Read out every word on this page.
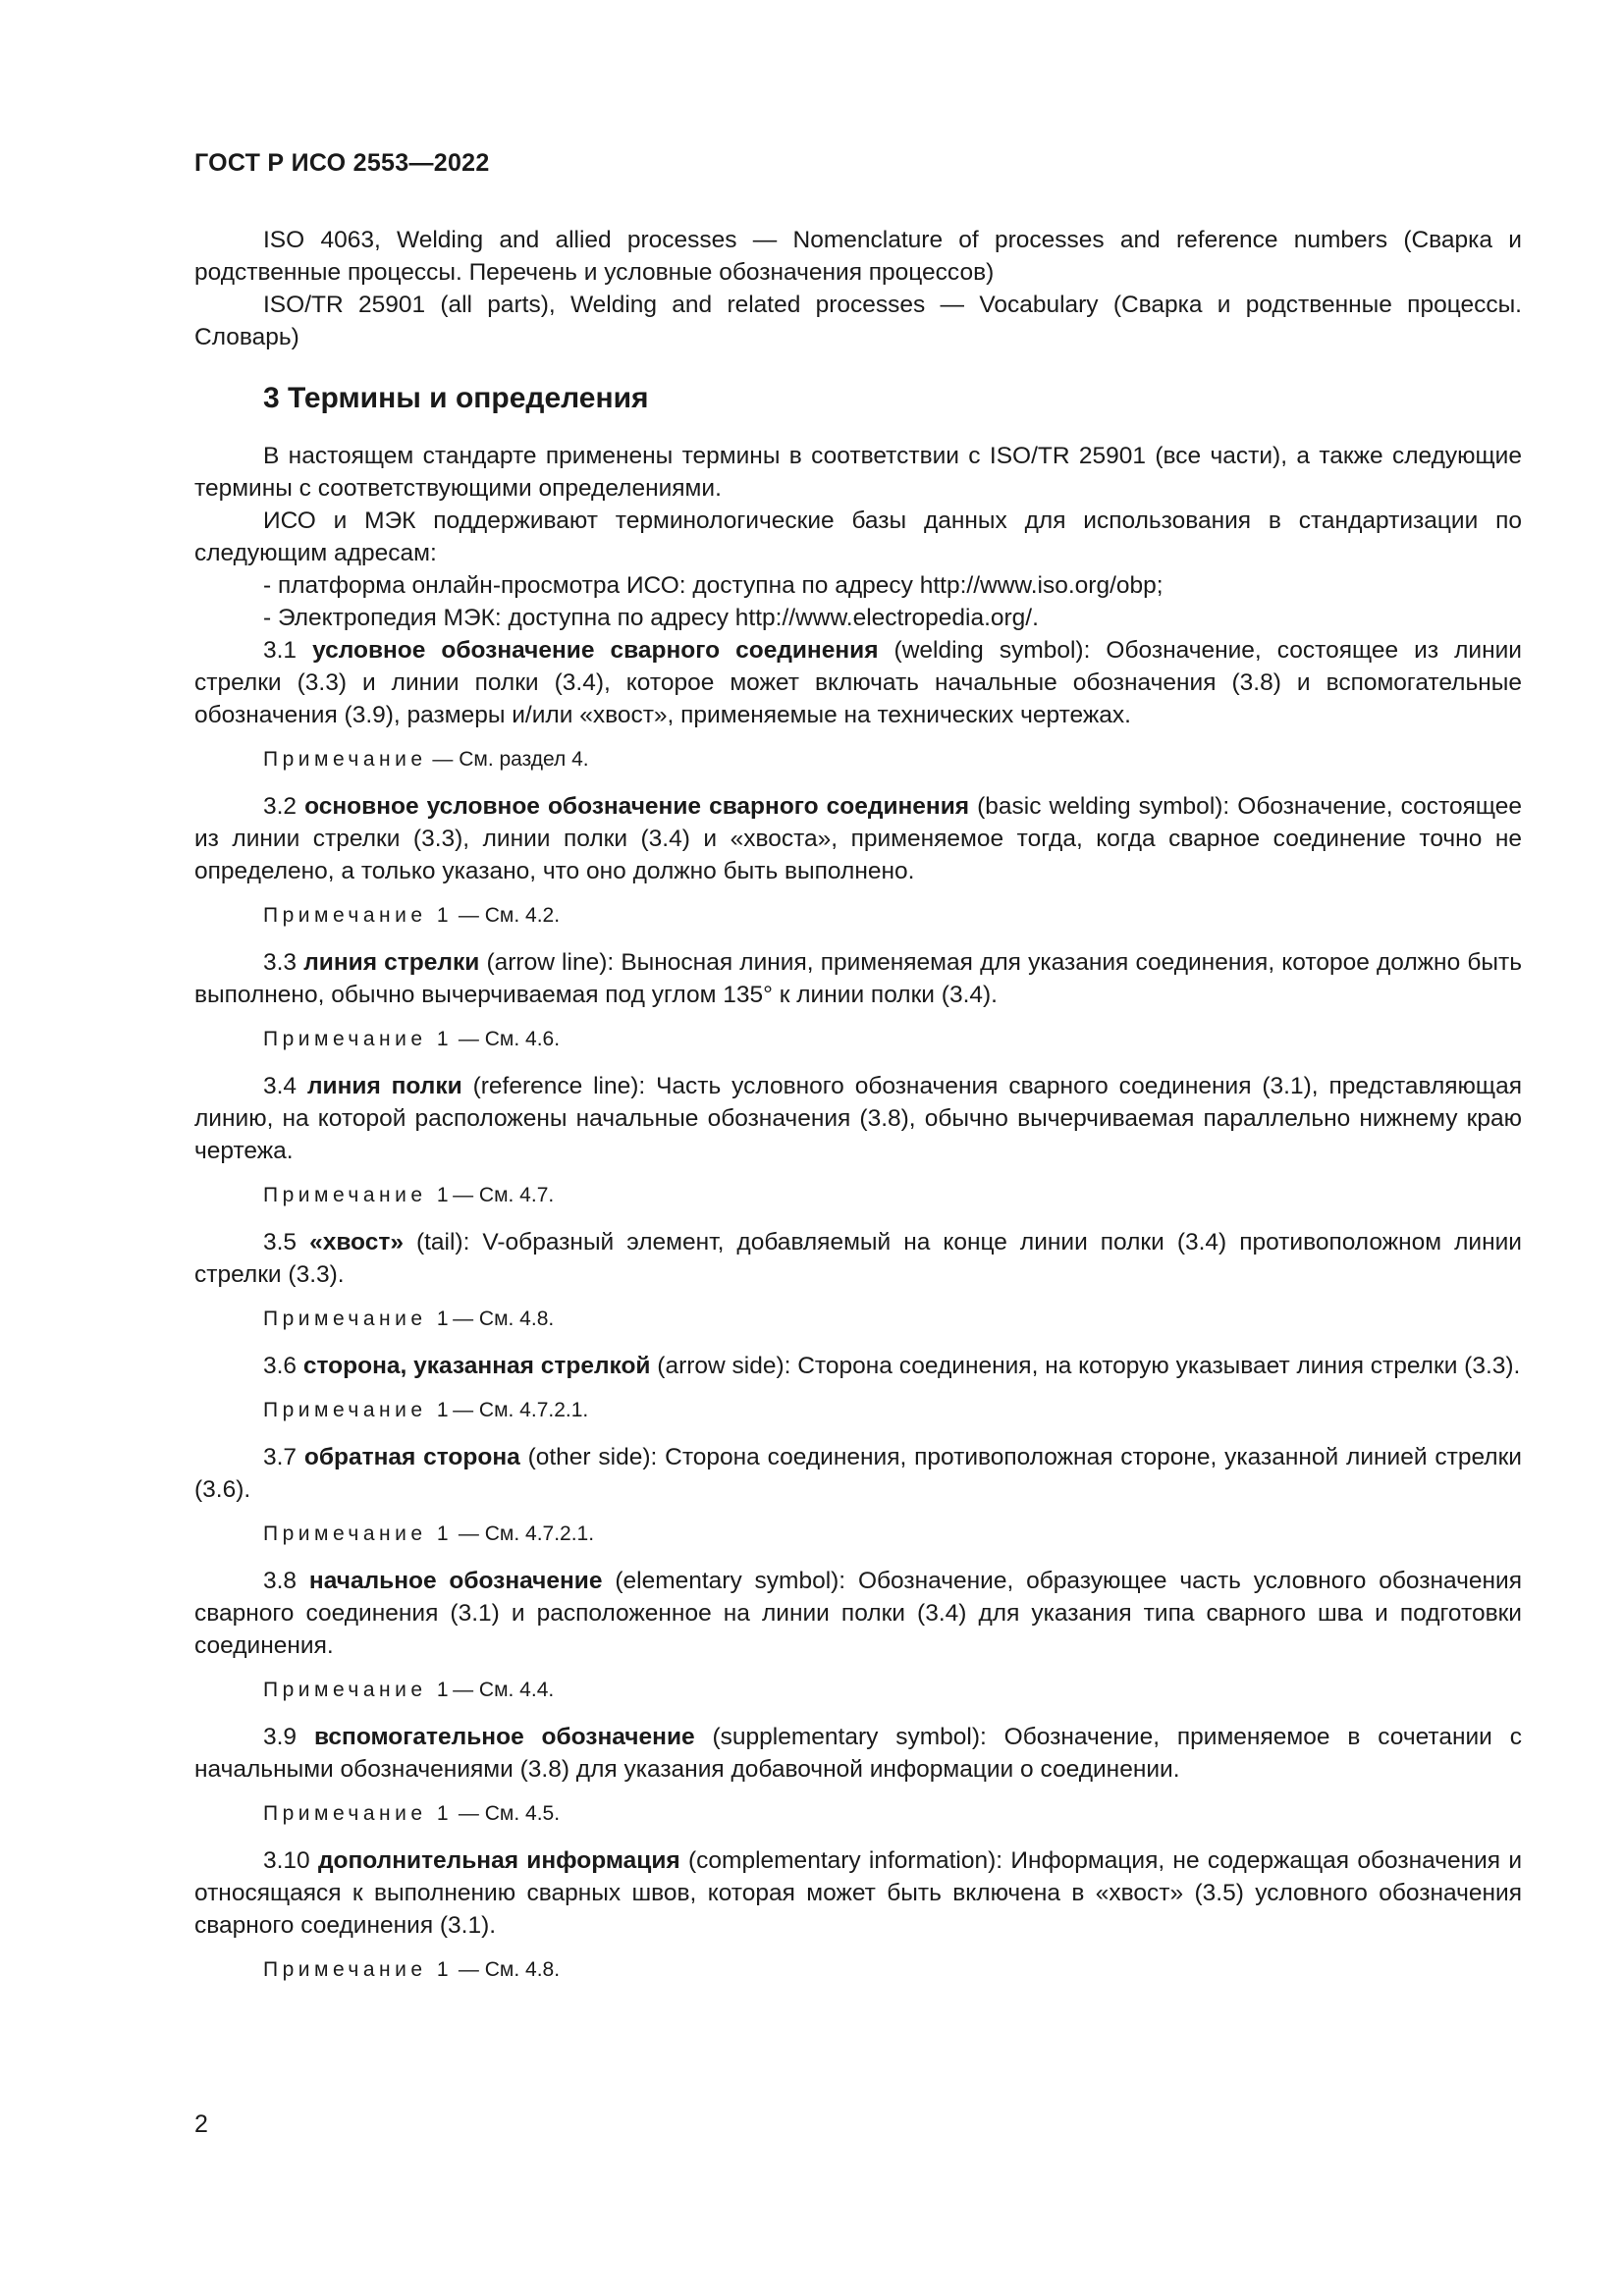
ГОСТ Р ИСО 2553—2022

ISO 4063, Welding and allied processes — Nomenclature of processes and reference numbers (Сварка и родственные процессы. Перечень и условные обозначения процессов)

ISO/TR 25901 (all parts), Welding and related processes — Vocabulary (Сварка и родственные процессы. Словарь)

3 Термины и определения

В настоящем стандарте применены термины в соответствии с ISO/TR 25901 (все части), а также следующие термины с соответствующими определениями.

ИСО и МЭК поддерживают терминологические базы данных для использования в стандартизации по следующим адресам:

- платформа онлайн-просмотра ИСО: доступна по адресу http://www.iso.org/obp;

- Электропедия МЭК: доступна по адресу http://www.electropedia.org/.

3.1 условное обозначение сварного соединения (welding symbol): Обозначение, состоящее из линии стрелки (3.3) и линии полки (3.4), которое может включать начальные обозначения (3.8) и вспомогательные обозначения (3.9), размеры и/или «хвост», применяемые на технических чертежах.

Примечание — См. раздел 4.

3.2 основное условное обозначение сварного соединения (basic welding symbol): Обозначение, состоящее из линии стрелки (3.3), линии полки (3.4) и «хвоста», применяемое тогда, когда сварное соединение точно не определено, а только указано, что оно должно быть выполнено.

Примечание 1 — См. 4.2.

3.3 линия стрелки (arrow line): Выносная линия, применяемая для указания соединения, которое должно быть выполнено, обычно вычерчиваемая под углом 135° к линии полки (3.4).

Примечание 1 — См. 4.6.

3.4 линия полки (reference line): Часть условного обозначения сварного соединения (3.1), представляющая линию, на которой расположены начальные обозначения (3.8), обычно вычерчиваемая параллельно нижнему краю чертежа.

Примечание 1— См. 4.7.

3.5 «хвост» (tail): V-образный элемент, добавляемый на конце линии полки (3.4) противоположном линии стрелки (3.3).

Примечание 1— См. 4.8.

3.6 сторона, указанная стрелкой (arrow side): Сторона соединения, на которую указывает линия стрелки (3.3).

Примечание 1— См. 4.7.2.1.

3.7 обратная сторона (other side): Сторона соединения, противоположная стороне, указанной линией стрелки (3.6).

Примечание 1 — См. 4.7.2.1.

3.8 начальное обозначение (elementary symbol): Обозначение, образующее часть условного обозначения сварного соединения (3.1) и расположенное на линии полки (3.4) для указания типа сварного шва и подготовки соединения.

Примечание 1— См. 4.4.

3.9 вспомогательное обозначение (supplementary symbol): Обозначение, применяемое в сочетании с начальными обозначениями (3.8) для указания добавочной информации о соединении.

Примечание 1 — См. 4.5.

3.10 дополнительная информация (complementary information): Информация, не содержащая обозначения и относящаяся к выполнению сварных швов, которая может быть включена в «хвост» (3.5) условного обозначения сварного соединения (3.1).

Примечание 1 — См. 4.8.
2
